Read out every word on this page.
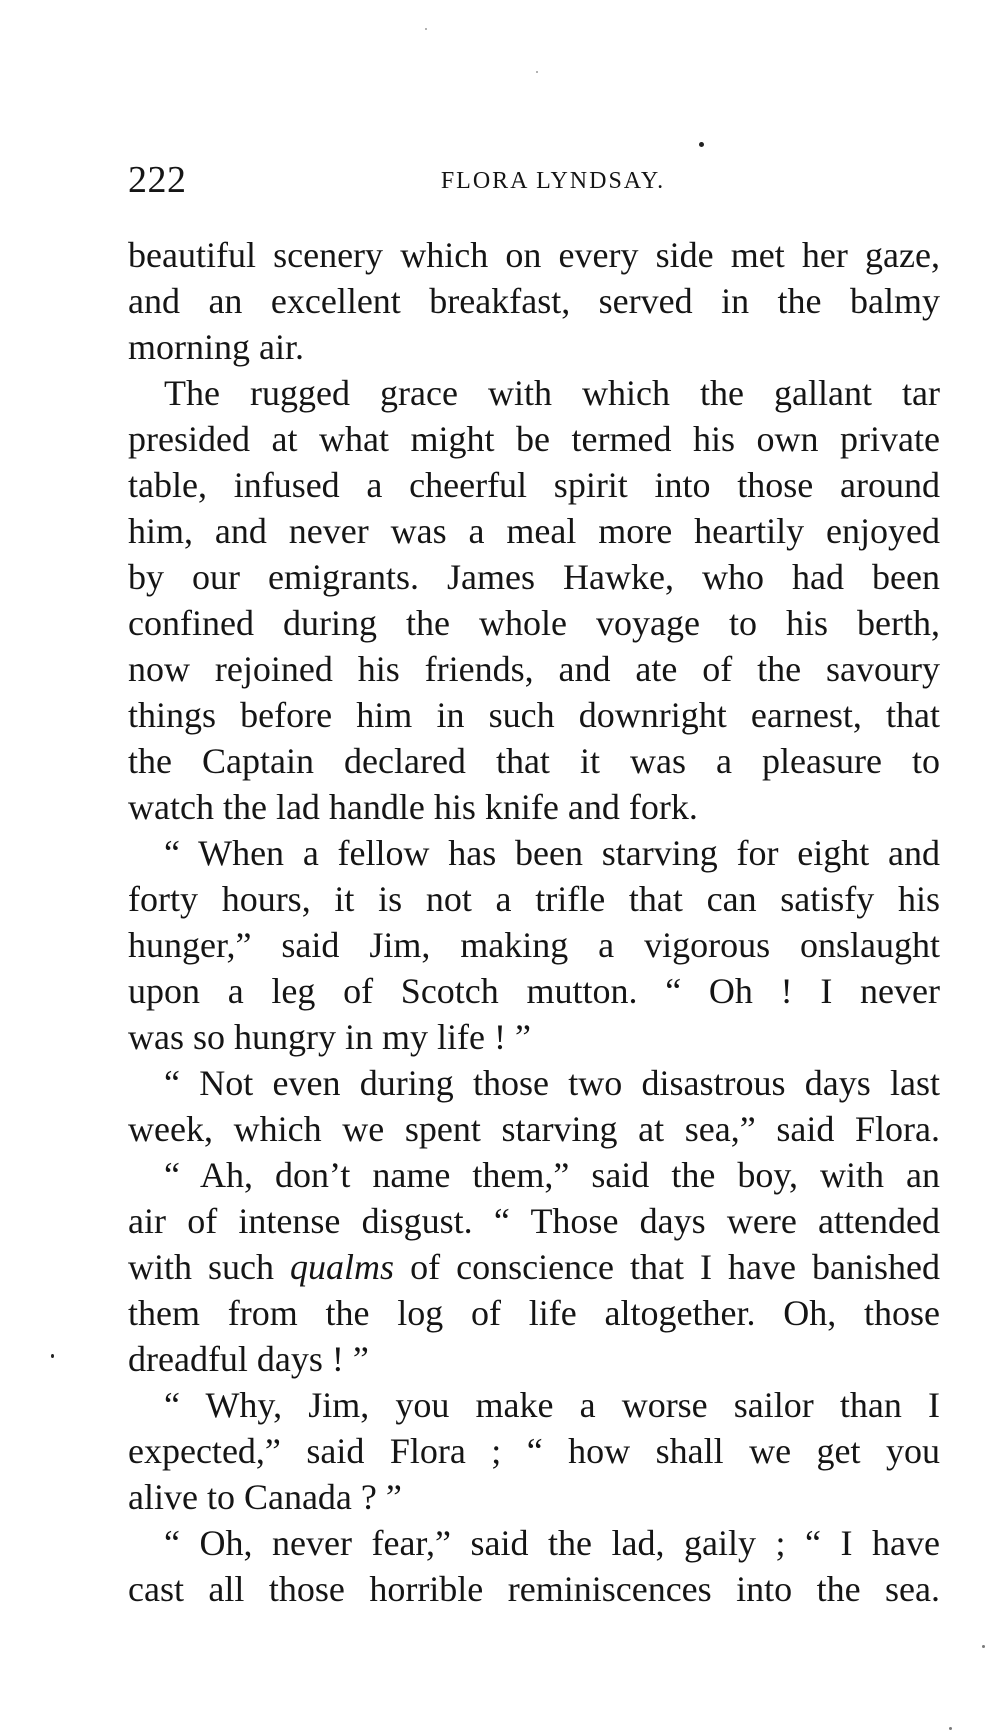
222	FLORA LYNDSAY.
beautiful scenery which on every side met her gaze,
and an excellent breakfast, served in the balmy
morning air.
The rugged grace with which the gallant tar
presided at what might be termed his own private
table, infused a cheerful spirit into those around
him, and never was a meal more heartily enjoyed
by our emigrants. James Hawke, who had been
confined during the whole voyage to his berth,
now rejoined his friends, and ate of the savoury
things before him in such downright earnest, that
the Captain declared that it was a pleasure to
watch the lad handle his knife and fork.
“ When a fellow has been starving for eight and
forty hours, it is not a trifle that can satisfy his
hunger,” said Jim, making a vigorous onslaught
upon a leg of Scotch mutton. “ Oh ! I never
was so hungry in my life ! ”
“ Not even during those two disastrous days last
week, which we spent starving at sea,” said Flora.
“ Ah, don’t name them,” said the boy, with an
air of intense disgust. “ Those days were attended
with such qualms of conscience that I have banished
them from the log of life altogether. Oh, those
dreadful days ! ”
“ Why, Jim, you make a worse sailor than I
expected,” said Flora ; “ how shall we get you
alive to Canada ? ”
“ Oh, never fear,” said the lad, gaily ; “ I have
cast all those horrible reminiscences into the sea.
